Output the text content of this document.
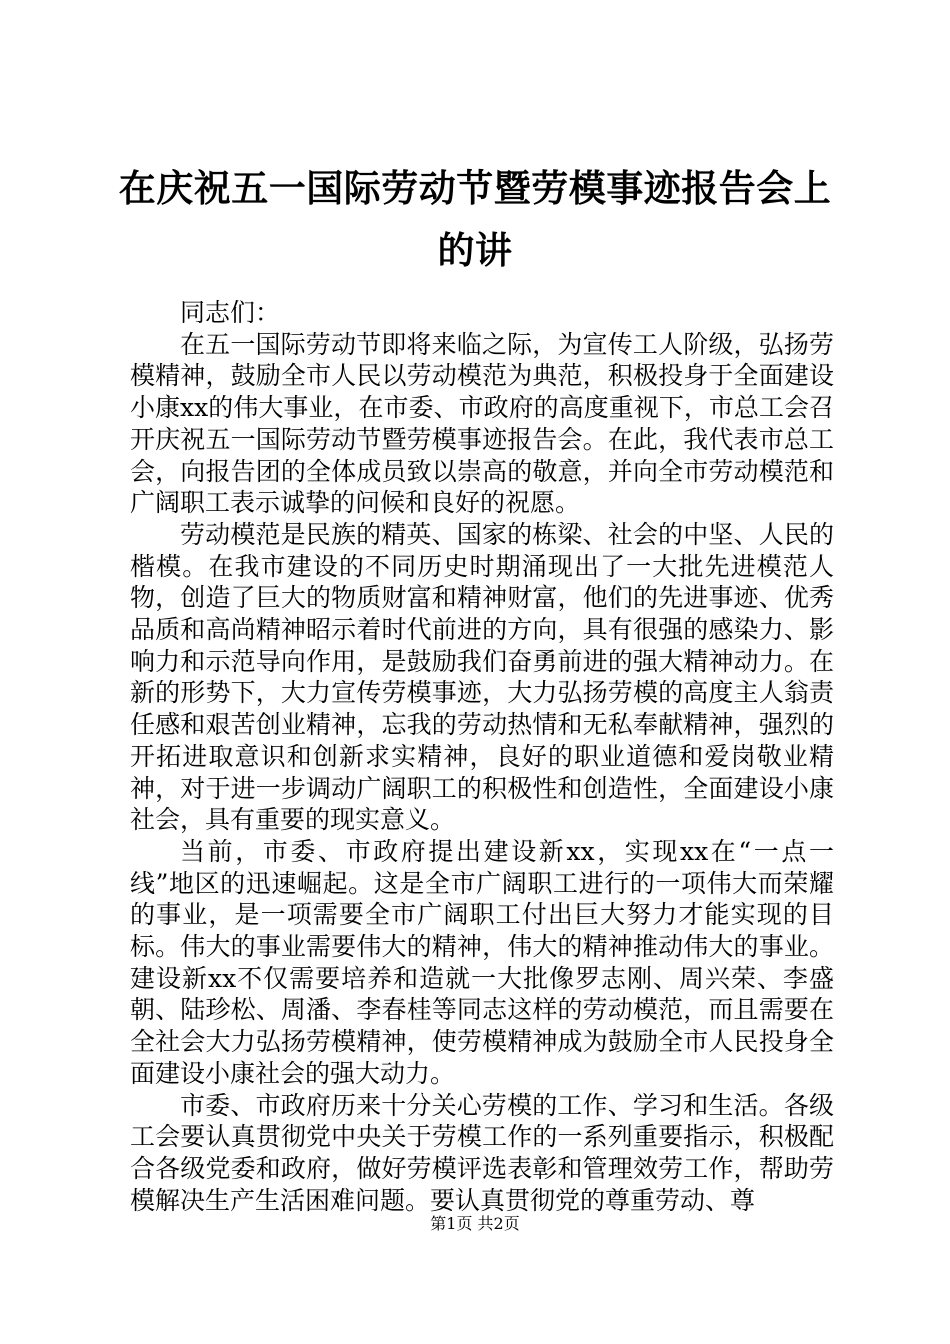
在庆祝五一国际劳动节暨劳模事迹报告会上的讲

同志们：

在五一国际劳动节即将来临之际，为宣传工人阶级，弘扬劳模精神，鼓励全市人民以劳动模范为典范，积极投身于全面建设小康xx的伟大事业，在市委、市政府的高度重视下，市总工会召开庆祝五一国际劳动节暨劳模事迹报告会。在此，我代表市总工会，向报告团的全体成员致以崇高的敬意，并向全市劳动模范和广阔职工表示诚挚的问候和良好的祝愿。

劳动模范是民族的精英、国家的栋梁、社会的中坚、人民的楷模。在我市建设的不同历史时期涌现出了一大批先进模范人物，创造了巨大的物质财富和精神财富，他们的先进事迹、优秀品质和高尚精神昭示着时代前进的方向，具有很强的感染力、影响力和示范导向作用，是鼓励我们奋勇前进的强大精神动力。在新的形势下，大力宣传劳模事迹，大力弘扬劳模的高度主人翁责任感和艰苦创业精神，忘我的劳动热情和无私奉献精神，强烈的开拓进取意识和创新求实精神，良好的职业道德和爱岗敬业精神，对于进一步调动广阔职工的积极性和创造性，全面建设小康社会，具有重要的现实意义。

当前，市委、市政府提出建设新xx，实现xx在“一点一线”地区的迅速崛起。这是全市广阔职工进行的一项伟大而荣耀的事业，是一项需要全市广阔职工付出巨大努力才能实现的目标。伟大的事业需要伟大的精神，伟大的精神推动伟大的事业。建设新xx不仅需要培养和造就一大批像罗志刚、周兴荣、李盛朝、陆珍松、周潘、李春桂等同志这样的劳动模范，而且需要在全社会大力弘扬劳模精神，使劳模精神成为鼓励全市人民投身全面建设小康社会的强大动力。

市委、市政府历来十分关心劳模的工作、学习和生活。各级工会要认真贯彻党中央关于劳模工作的一系列重要指示，积极配合各级党委和政府，做好劳模评选表彰和管理效劳工作，帮助劳模解决生产生活困难问题。要认真贯彻党的尊重劳动、尊

第1页 共2页
